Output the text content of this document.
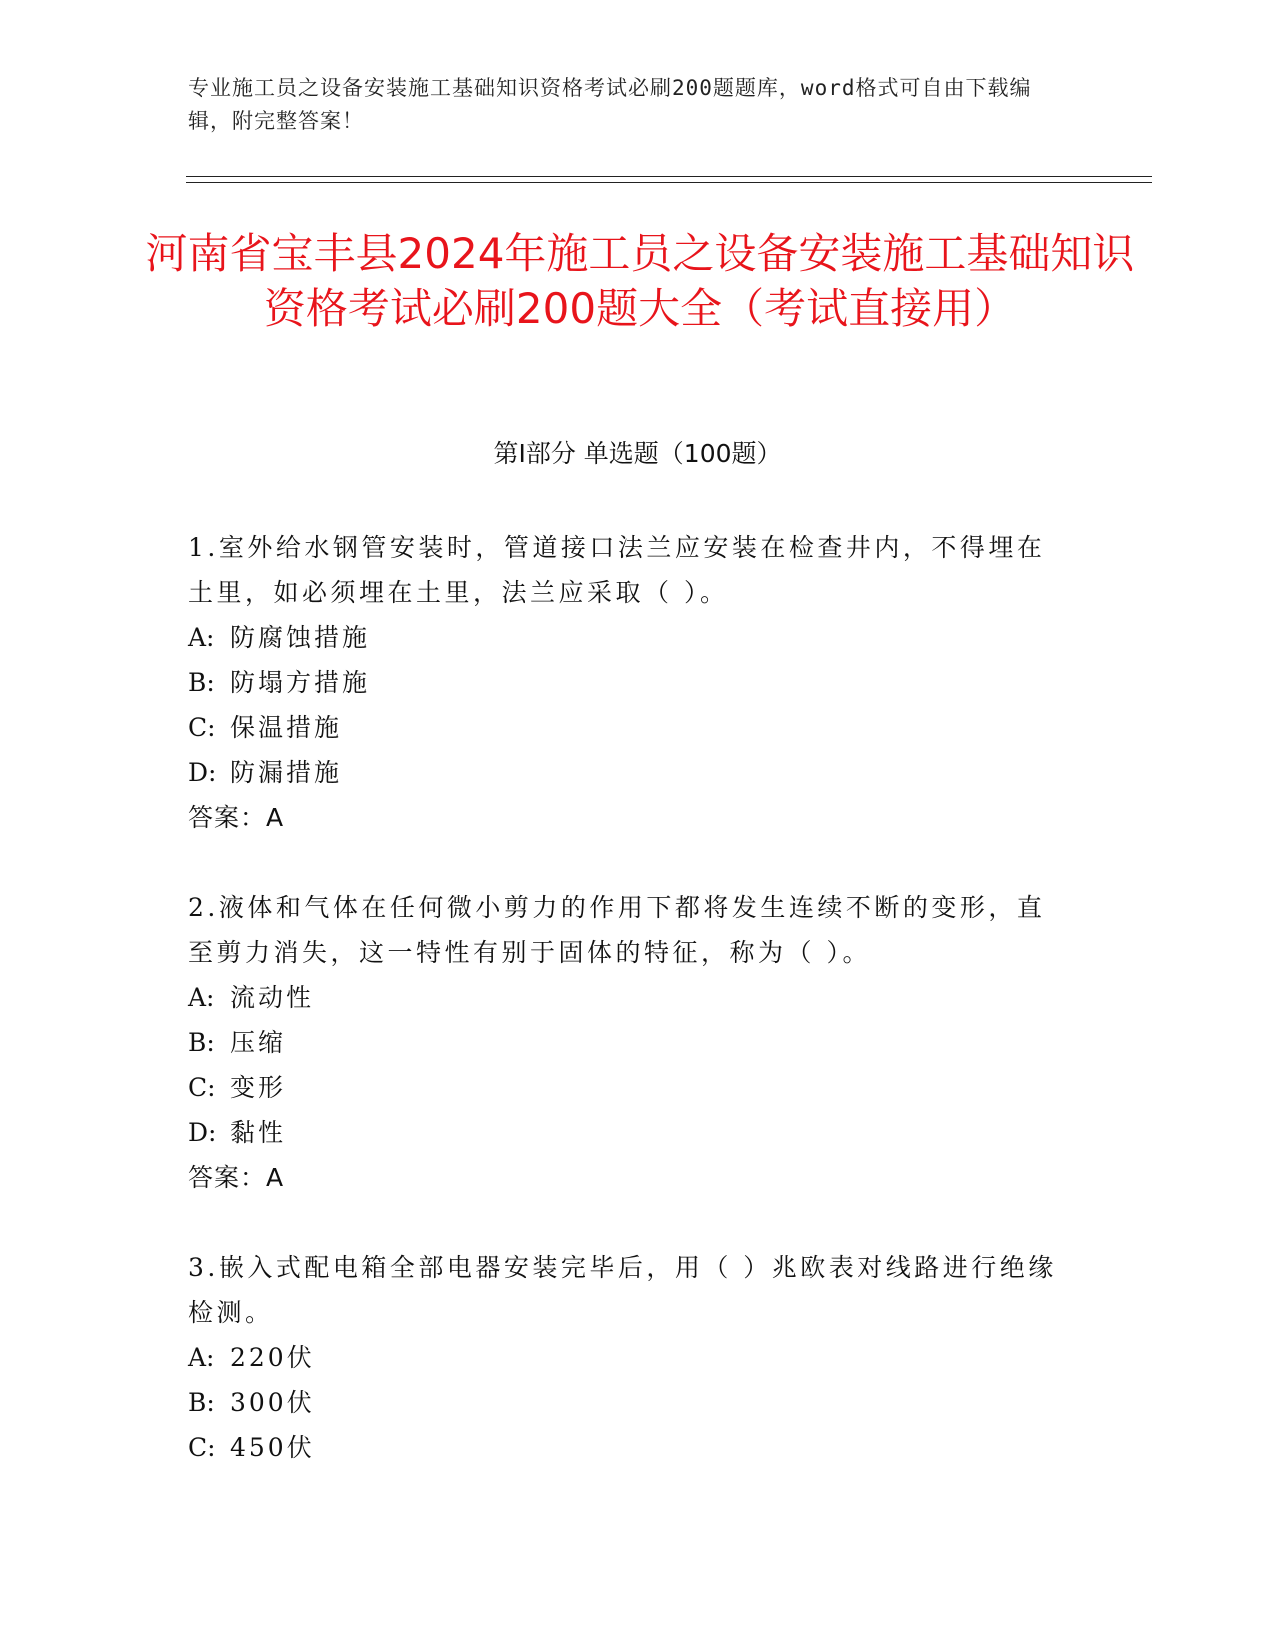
专业施工员之设备安装施工基础知识资格考试必刷200题题库，word格式可自由下载编辑，附完整答案！
河南省宝丰县2024年施工员之设备安装施工基础知识资格考试必刷200题大全（考试直接用）
第Ⅰ部分 单选题（100题）
1.室外给水钢管安装时，管道接口法兰应安装在检查井内，不得埋在土里，如必须埋在土里，法兰应采取（ ）。
A: 防腐蚀措施
B: 防塌方措施
C: 保温措施
D: 防漏措施
答案：A
2.液体和气体在任何微小剪力的作用下都将发生连续不断的变形，直至剪力消失，这一特性有别于固体的特征，称为（ ）。
A: 流动性
B: 压缩
C: 变形
D: 黏性
答案：A
3.嵌入式配电箱全部电器安装完毕后，用（ ）兆欧表对线路进行绝缘检测。
A: 220伏
B: 300伏
C: 450伏
